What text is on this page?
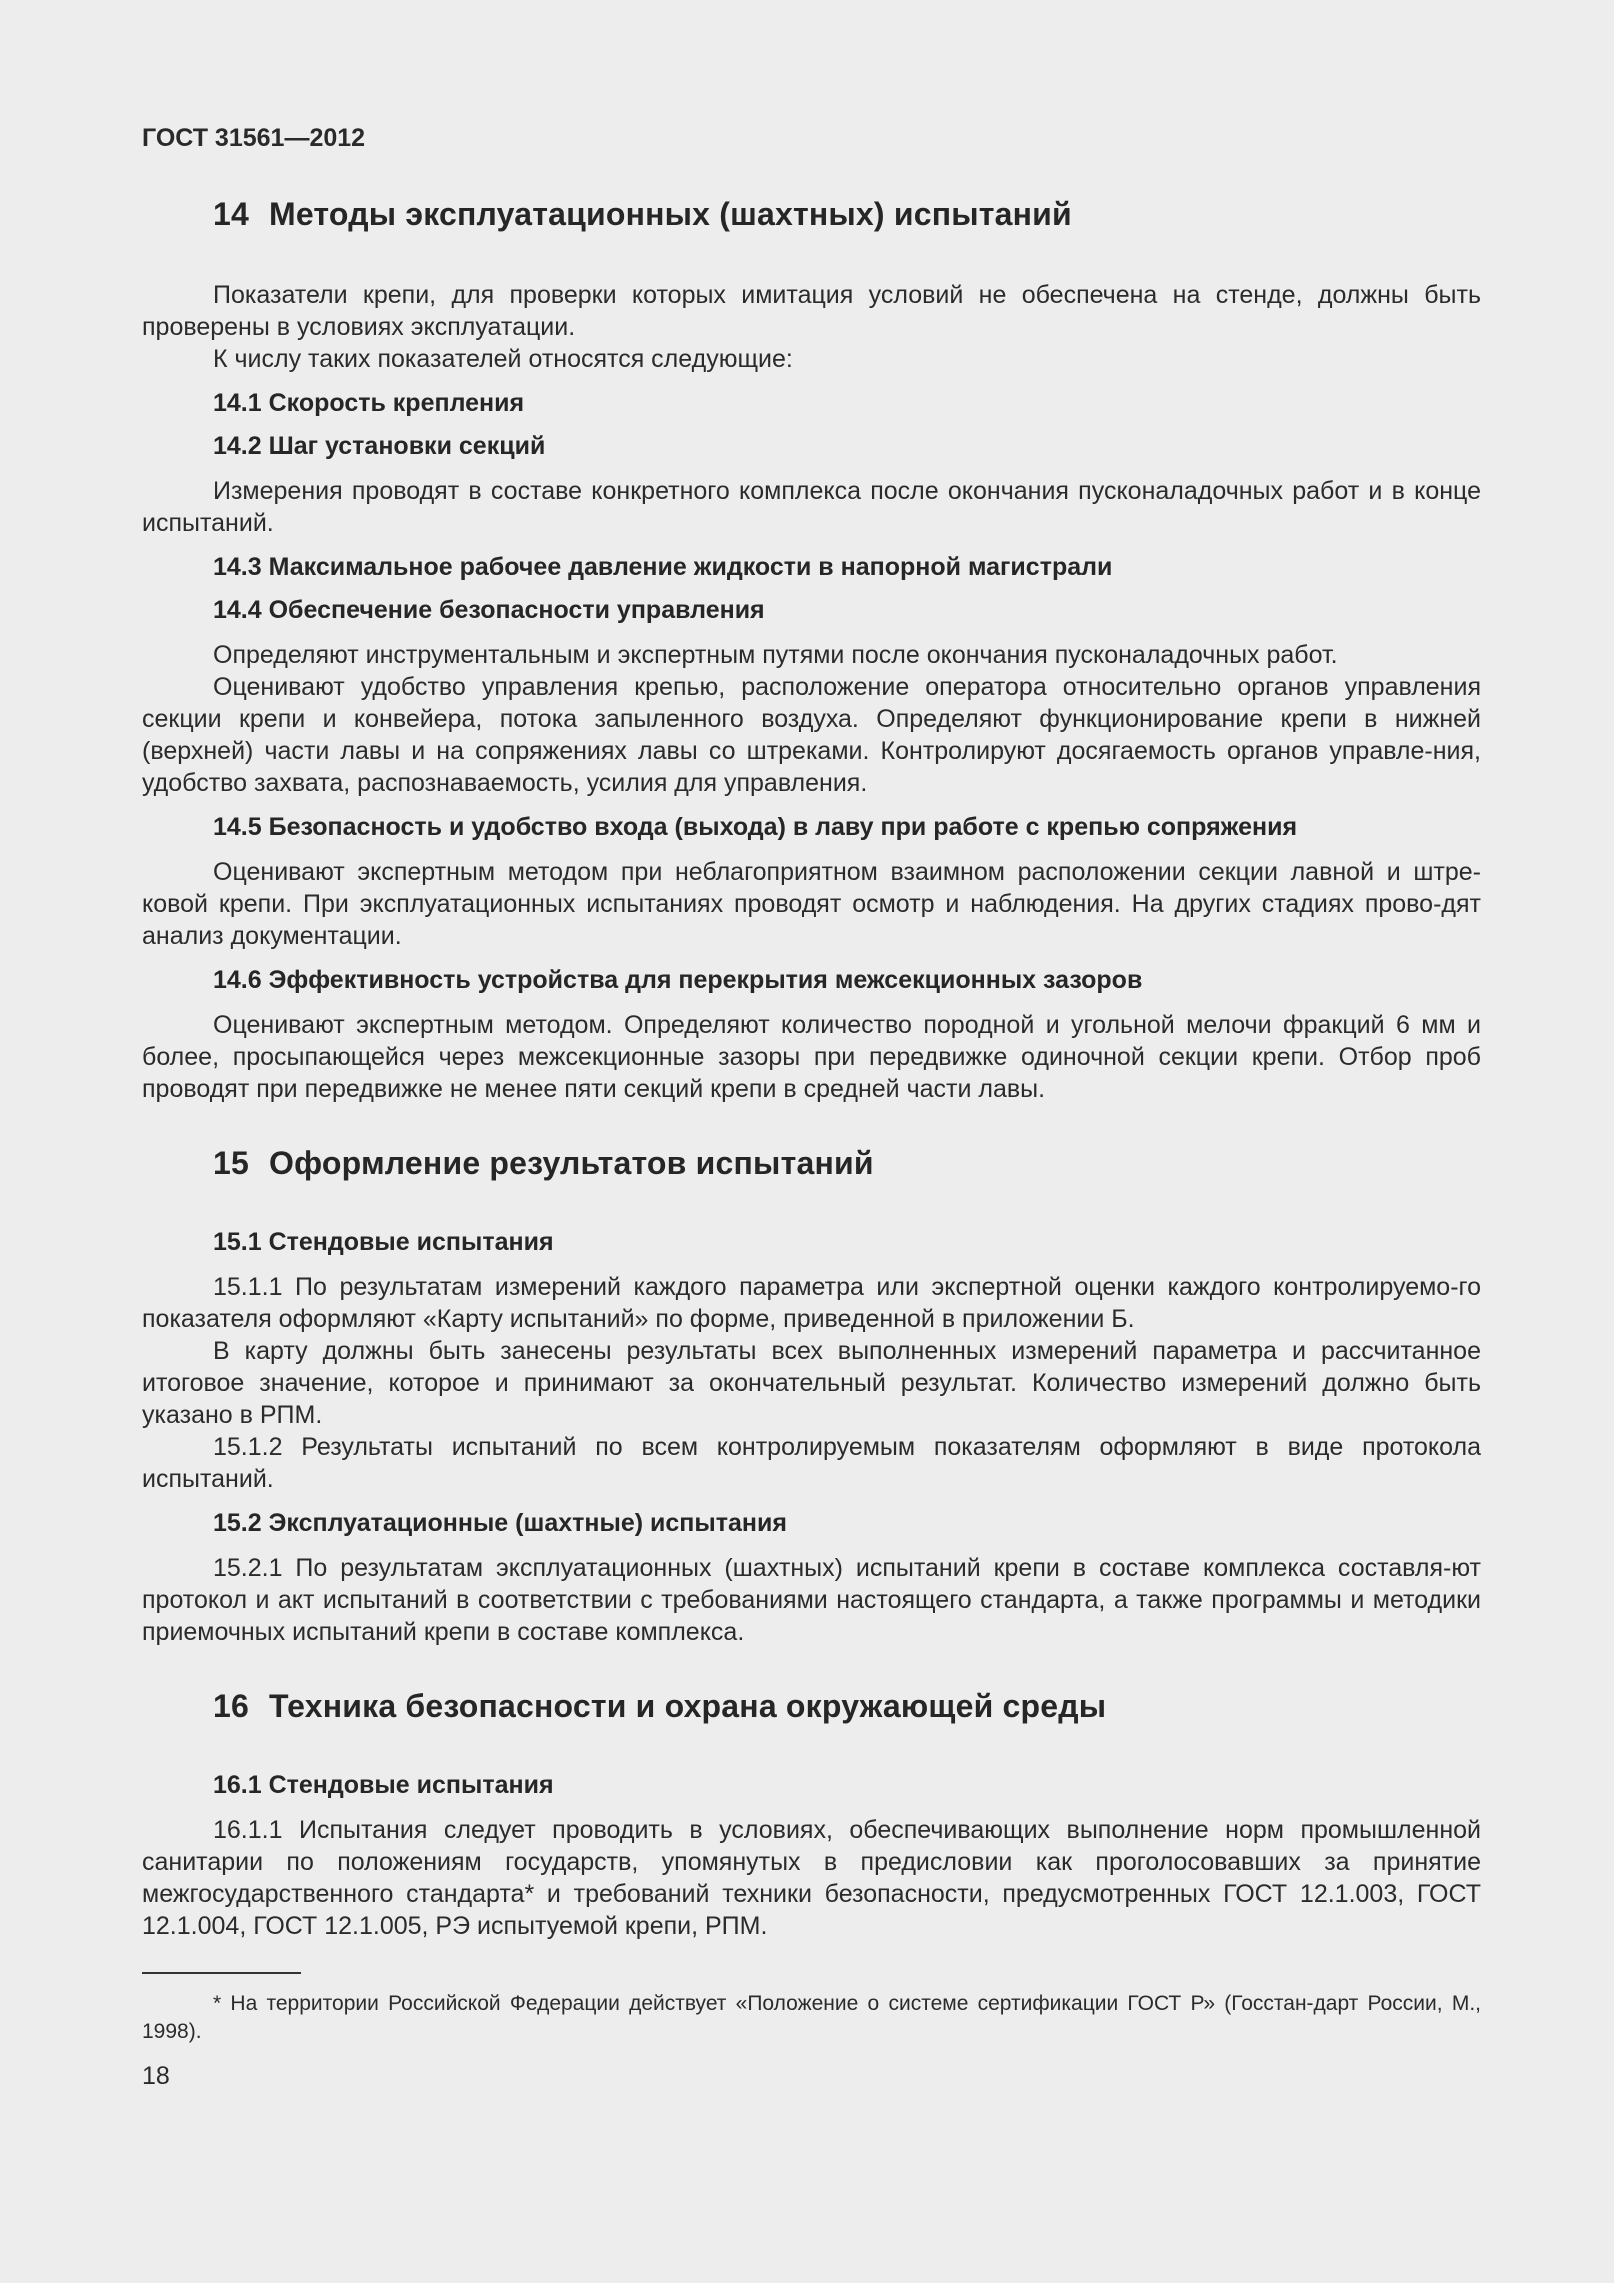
ГОСТ 31561—2012
14 Методы эксплуатационных (шахтных) испытаний

Показатели крепи, для проверки которых имитация условий не обеспечена на стенде, должны быть проверены в условиях эксплуатации.

К числу таких показателей относятся следующие:

14.1 Скорость крепления
14.2 Шаг установки секций

Измерения проводят в составе конкретного комплекса после окончания пусконаладочных работ и в конце испытаний.

14.3 Максимальное рабочее давление жидкости в напорной магистрали
14.4 Обеспечение безопасности управления

Определяют инструментальным и экспертным путями после окончания пусконаладочных работ.

Оценивают удобство управления крепью, расположение оператора относительно органов управления секции крепи и конвейера, потока запыленного воздуха. Определяют функционирование крепи в нижней (верхней) части лавы и на сопряжениях лавы со штреками. Контролируют досягаемость органов управле-ния, удобство захвата, распознаваемость, усилия для управления.

14.5 Безопасность и удобство входа (выхода) в лаву при работе с крепью сопряжения

Оценивают экспертным методом при неблагоприятном взаимном расположении секции лавной и штре-ковой крепи. При эксплуатационных испытаниях проводят осмотр и наблюдения. На других стадиях прово-дят анализ документации.

14.6 Эффективность устройства для перекрытия межсекционных зазоров

Оценивают экспертным методом. Определяют количество породной и угольной мелочи фракций 6 мм и более, просыпающейся через межсекционные зазоры при передвижке одиночной секции крепи. Отбор проб проводят при передвижке не менее пяти секций крепи в средней части лавы.

15 Оформление результатов испытаний
15.1 Стендовые испытания

15.1.1 По результатам измерений каждого параметра или экспертной оценки каждого контролируемо-го показателя оформляют «Карту испытаний» по форме, приведенной в приложении Б.

В карту должны быть занесены результаты всех выполненных измерений параметра и рассчитанное итоговое значение, которое и принимают за окончательный результат. Количество измерений должно быть указано в РПМ.

15.1.2 Результаты испытаний по всем контролируемым показателям оформляют в виде протокола испытаний.

15.2 Эксплуатационные (шахтные) испытания

15.2.1 По результатам эксплуатационных (шахтных) испытаний крепи в составе комплекса составля-ют протокол и акт испытаний в соответствии с требованиями настоящего стандарта, а также программы и методики приемочных испытаний крепи в составе комплекса.

16 Техника безопасности и охрана окружающей среды
16.1 Стендовые испытания

16.1.1 Испытания следует проводить в условиях, обеспечивающих выполнение норм промышленной санитарии по положениям государств, упомянутых в предисловии как проголосовавших за принятие межгосударственного стандарта* и требований техники безопасности, предусмотренных ГОСТ 12.1.003, ГОСТ 12.1.004, ГОСТ 12.1.005, РЭ испытуемой крепи, РПМ.

* На территории Российской Федерации действует «Положение о системе сертификации ГОСТ Р» (Госстан-дарт России, М., 1998).

18
